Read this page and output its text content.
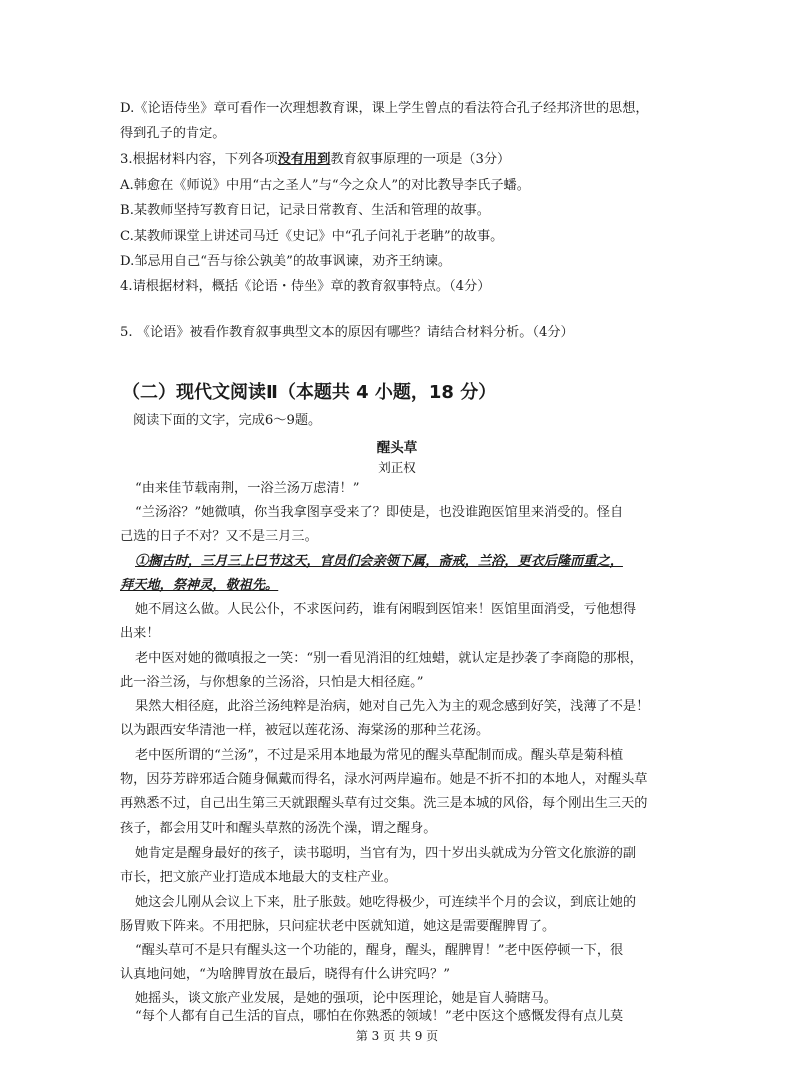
D.《论语侍坐》章可看作一次理想教育课，课上学生曾点的看法符合孔子经邦济世的思想，
得到孔子的肯定。
3.根据材料内容，下列各项没有用到教育叙事原理的一项是（3分）
A.韩愈在《师说》中用“古之圣人”与“今之众人”的对比教导李氏子蟠。
B.某教师坚持写教育日记，记录日常教育、生活和管理的故事。
C.某教师课堂上讲述司马迁《史记》中“孔子问礼于老聃”的故事。
D.邹忌用自己“吾与徐公孰美”的故事讽谏，劝齐王纳谏。
4.请根据材料，概括《论语・侍坐》章的教育叙事特点。（4分）
5. 《论语》被看作教育叙事典型文本的原因有哪些？请结合材料分析。（4分）
（二）现代文阅读Ⅱ（本题共 4 小题，18 分）
阅读下面的文字，完成6～9题。
醒头草
刘正权
“由来佳节载南荆，一浴兰汤万虑清！”
“兰汤浴？”她微嗔，你当我拿图享受来了？即使是，也没谁跑医馆里来消受的。怪自
己选的日子不对？又不是三月三。
①搁古时，三月三上巳节这天，官员们会亲领下属，斋戒，兰浴，更衣后隆而重之，
拜天地，祭神灵，敬祖先。
她不屑这么做。人民公仆，不求医问药，谁有闲暇到医馆来！医馆里面消受，亏他想得
出来！
老中医对她的微嗔报之一笑：“别一看见消泪的红烛蜡，就认定是抄袭了李商隐的那根，
此一浴兰汤，与你想象的兰汤浴，只怕是大相径庭。”
果然大相径庭，此浴兰汤纯粹是治病，她对自己先入为主的观念感到好笑，浅薄了不是！
以为跟西安华清池一样，被冠以莲花汤、海棠汤的那种兰花汤。
老中医所谓的“兰汤”，不过是采用本地最为常见的醒头草配制而成。醒头草是菊科植
物，因芬芳辟邪适合随身佩戴而得名，渌水河两岸遍布。她是不折不扣的本地人，对醒头草
再熟悉不过，自己出生第三天就跟醒头草有过交集。洗三是本城的风俗，每个刚出生三天的
孩子，都会用艾叶和醒头草熬的汤洗个澡，谓之醒身。
她肯定是醒身最好的孩子，读书聪明，当官有为，四十岁出头就成为分管文化旅游的副
市长，把文旅产业打造成本地最大的支柱产业。
她这会儿刚从会议上下来，肚子胀鼓。她吃得极少，可连续半个月的会议，到底让她的
肠胃败下阵来。不用把脉，只问症状老中医就知道，她这是需要醒脾胃了。
“醒头草可不是只有醒头这一个功能的，醒身，醒头，醒脾胃！”老中医停顿一下，很
认真地问她，“为啥脾胃放在最后，晓得有什么讲究吗？”
她摇头，谈文旅产业发展，是她的强项，论中医理论，她是盲人骑瞎马。
第 3 页 共 9 页
“每个人都有自己生活的盲点，哪怕在你熟悉的领域！”老中医这个感慨发得有点儿莫
